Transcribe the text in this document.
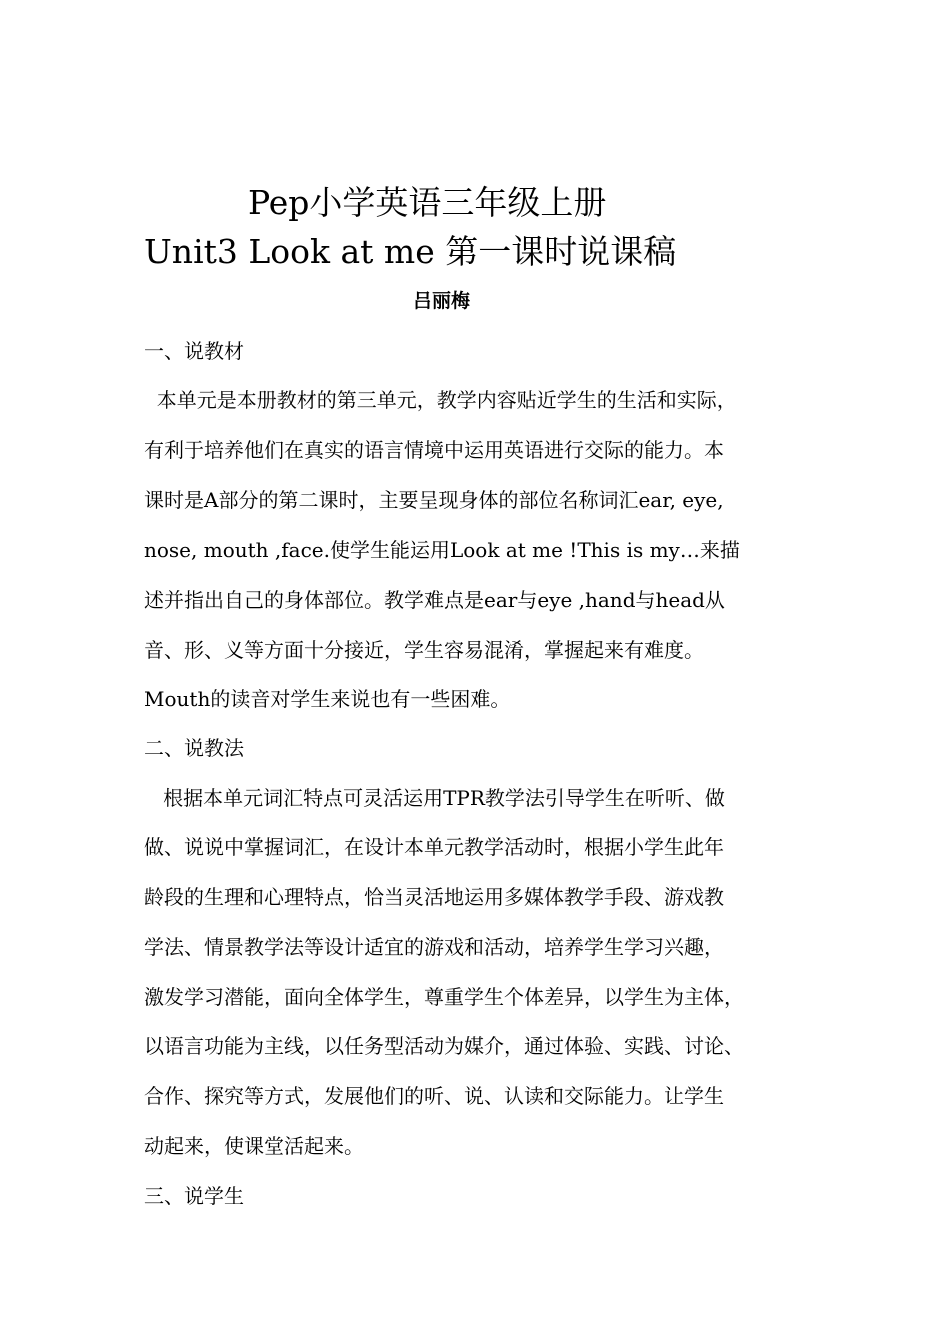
Pep小学英语三年级上册
Unit3 Look at me 第一课时说课稿
吕丽梅
一、说教材
本单元是本册教材的第三单元，教学内容贴近学生的生活和实际，
有利于培养他们在真实的语言情境中运用英语进行交际的能力。本
课时是A部分的第二课时，主要呈现身体的部位名称词汇ear, eye,
nose, mouth ,face.使学生能运用Look at me !This is my…来描
述并指出自己的身体部位。教学难点是ear与eye ,hand与head从
音、形、义等方面十分接近，学生容易混淆，掌握起来有难度。
Mouth的读音对学生来说也有一些困难。
二、说教法
根据本单元词汇特点可灵活运用TPR教学法引导学生在听听、做
做、说说中掌握词汇，在设计本单元教学活动时，根据小学生此年
龄段的生理和心理特点，恰当灵活地运用多媒体教学手段、游戏教
学法、情景教学法等设计适宜的游戏和活动，培养学生学习兴趣，
激发学习潜能，面向全体学生，尊重学生个体差异，以学生为主体，
以语言功能为主线，以任务型活动为媒介，通过体验、实践、讨论、
合作、探究等方式，发展他们的听、说、认读和交际能力。让学生
动起来，使课堂活起来。
三、说学生
